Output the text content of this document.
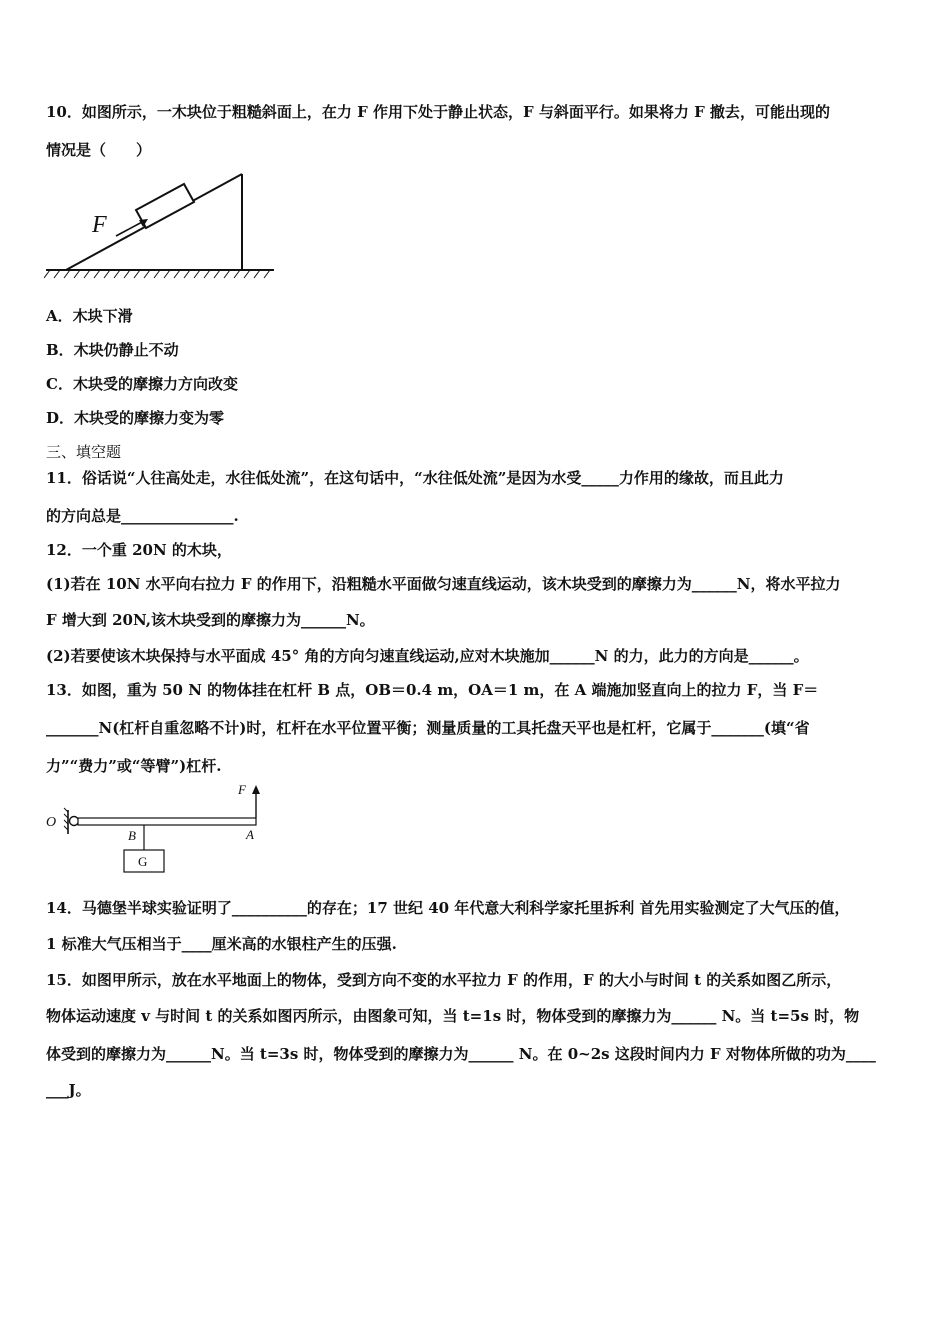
10．如图所示，一木块位于粗糙斜面上，在力 F 作用下处于静止状态，F 与斜面平行。如果将力 F 撤去，可能出现的
情况是（　　）
F
A．木块下滑
B．木块仍静止不动
C．木块受的摩擦力方向改变
D．木块受的摩擦力变为零
三、填空题
11．俗话说“人往高处走，水往低处流”，在这句话中，“水往低处流”是因为水受_____力作用的缘故，而且此力
的方向总是_______________.
12．一个重 20N 的木块，
(1)若在 10N 水平向右拉力 F 的作用下，沿粗糙水平面做匀速直线运动，该木块受到的摩擦力为______N，将水平拉力
F 增大到 20N,该木块受到的摩擦力为______N。
(2)若要使该木块保持与水平面成 45° 角的方向匀速直线运动,应对木块施加______N 的力，此力的方向是______。
13．如图，重为 50 N 的物体挂在杠杆 B 点，OB＝0.4 m，OA＝1 m，在 A 端施加竖直向上的拉力 F，当 F＝
_______N(杠杆自重忽略不计)时，杠杆在水平位置平衡；测量质量的工具托盘天平也是杠杆，它属于_______(填“省
力”“费力”或“等臂”)杠杆.
O
B	A
F
G
14．马德堡半球实验证明了__________的存在；17 世纪 40 年代意大利科学家托里拆利 首先用实验测定了大气压的值，
1 标准大气压相当于____厘米高的水银柱产生的压强.
15．如图甲所示，放在水平地面上的物体，受到方向不变的水平拉力 F 的作用，F 的大小与时间 t 的关系如图乙所示，
物体运动速度 v 与时间 t 的关系如图丙所示，由图象可知，当 t=1s 时，物体受到的摩擦力为______ N。当 t=5s 时，物
体受到的摩擦力为______N。当 t=3s 时，物体受到的摩擦力为______ N。在 0~2s 这段时间内力 F 对物体所做的功为____
___J。
